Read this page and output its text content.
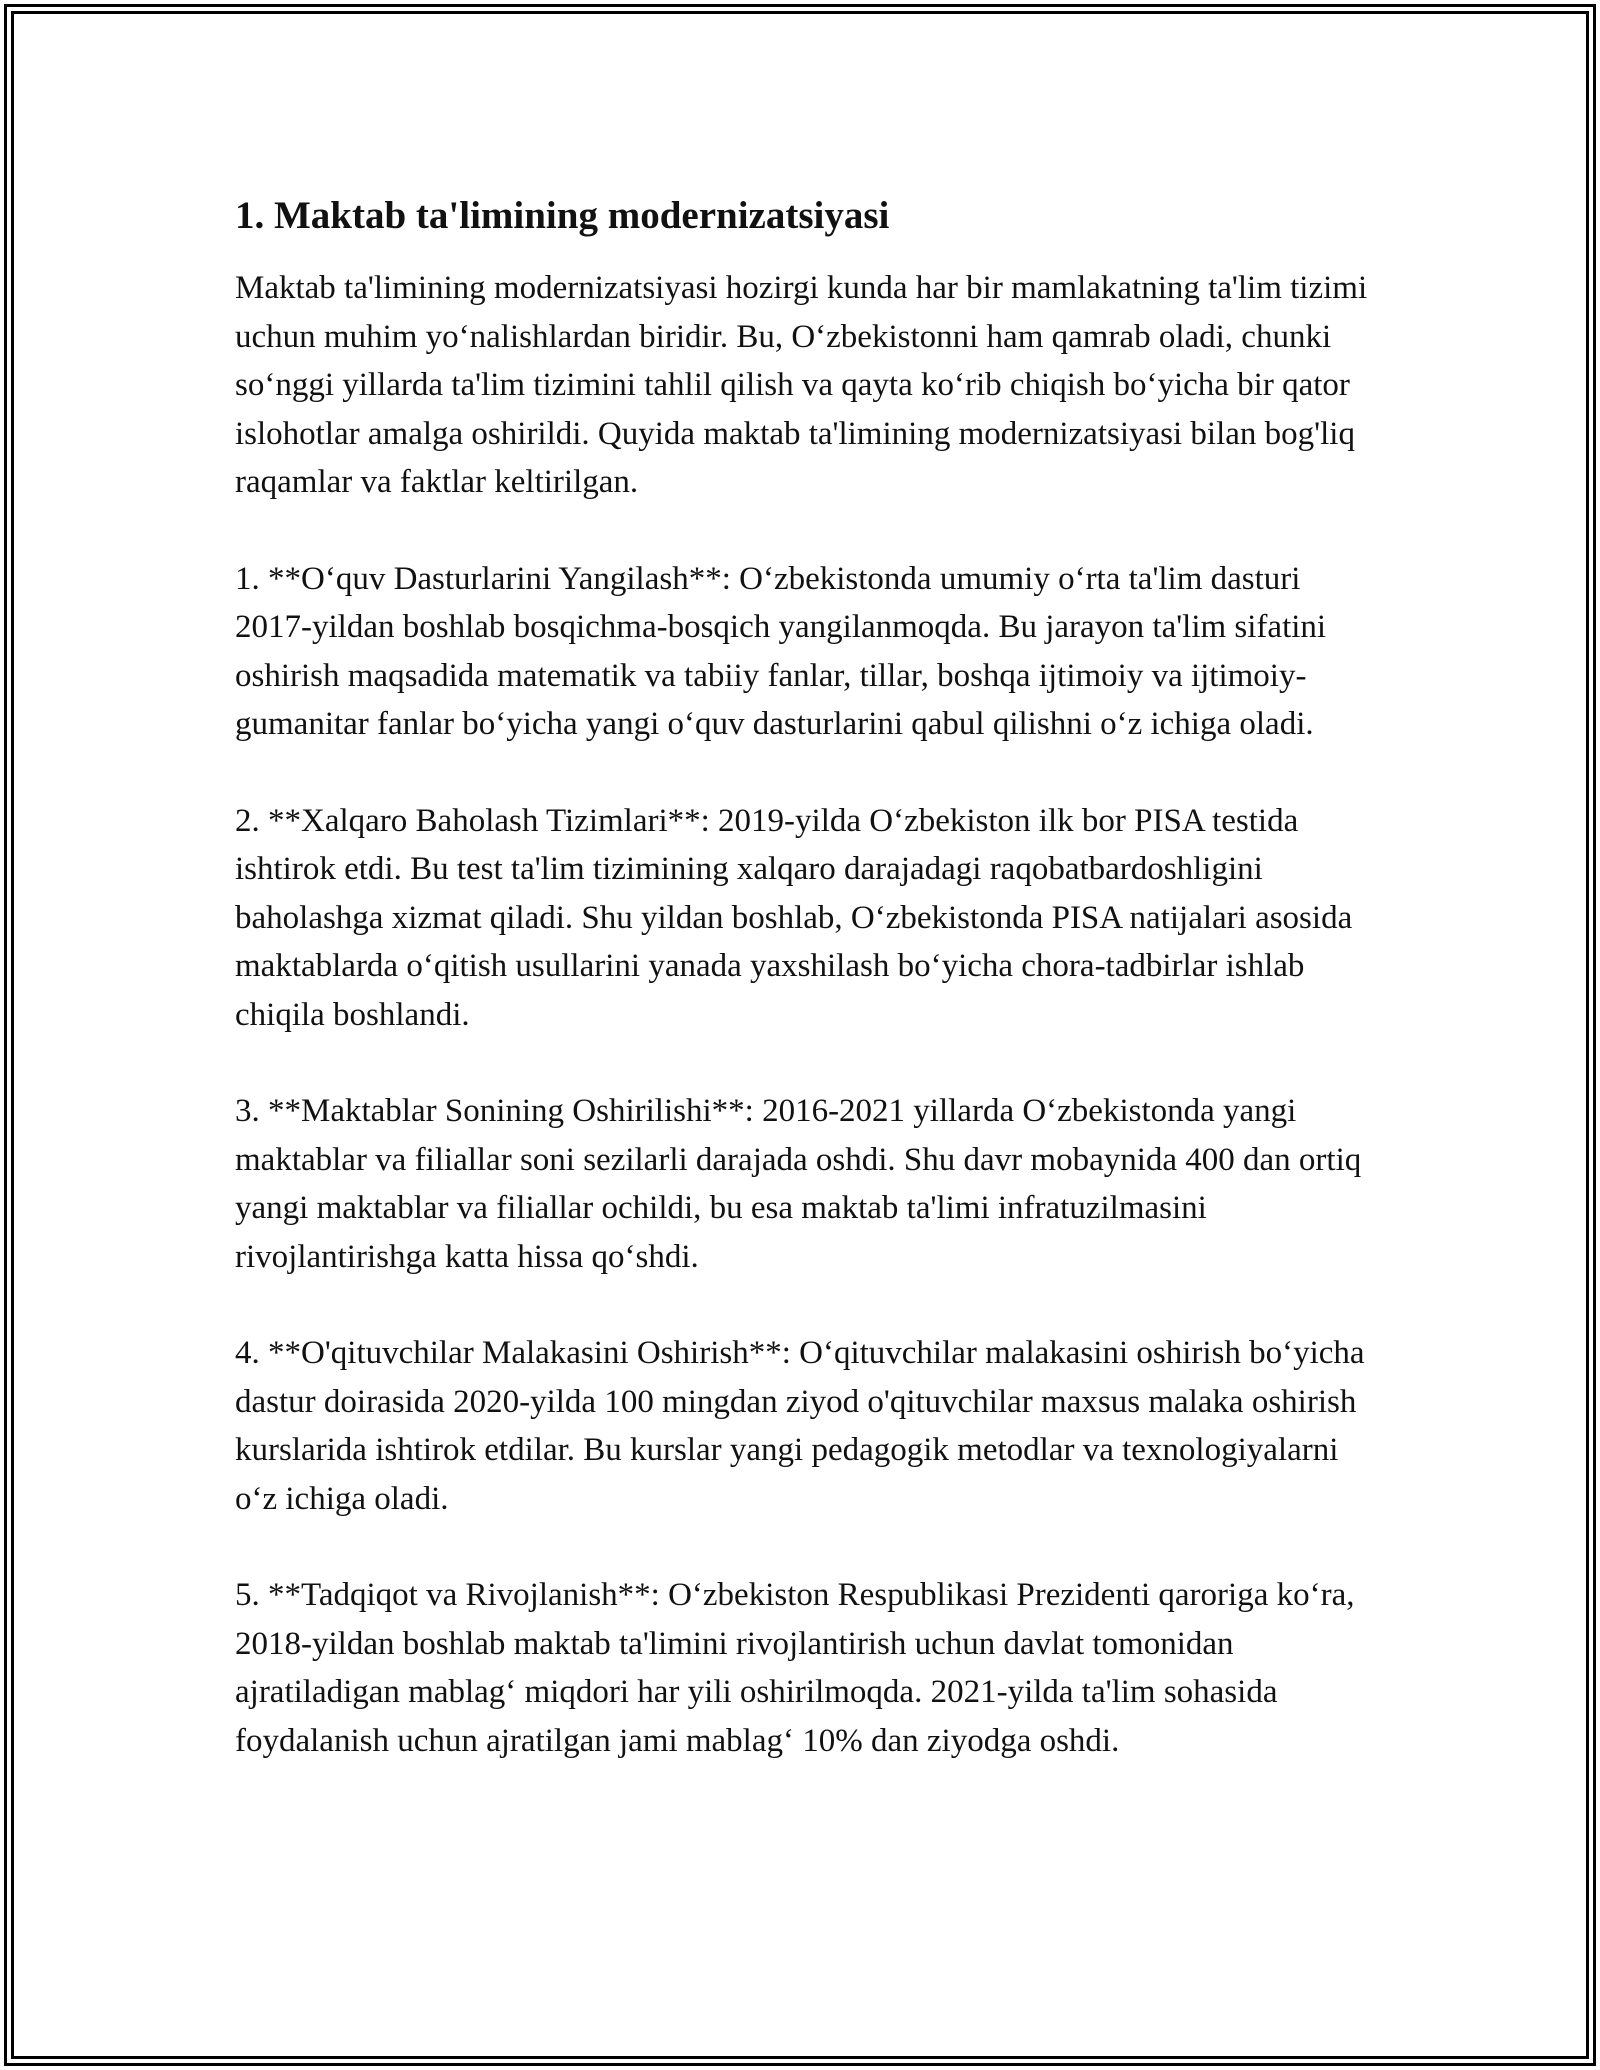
1. Maktab ta'limining modernizatsiyasi

Maktab ta'limining modernizatsiyasi hozirgi kunda har bir mamlakatning ta'lim tizimi uchun muhim yoʻnalishlardan biridir. Bu, Oʻzbekistonni ham qamrab oladi, chunki soʻnggi yillarda ta'lim tizimini tahlil qilish va qayta koʻrib chiqish boʻyicha bir qator islohotlar amalga oshirildi. Quyida maktab ta'limining modernizatsiyasi bilan bog'liq raqamlar va faktlar keltirilgan.

1. **Oʻquv Dasturlarini Yangilash**: Oʻzbekistonda umumiy oʻrta ta'lim dasturi 2017-yildan boshlab bosqichma-bosqich yangilanmoqda. Bu jarayon ta'lim sifatini oshirish maqsadida matematik va tabiiy fanlar, tillar, boshqa ijtimoiy va ijtimoiy-gumanitar fanlar boʻyicha yangi oʻquv dasturlarini qabul qilishni oʻz ichiga oladi.

2. **Xalqaro Baholash Tizimlari**: 2019-yilda Oʻzbekiston ilk bor PISA testida ishtirok etdi. Bu test ta'lim tizimining xalqaro darajadagi raqobatbardoshligini baholashga xizmat qiladi. Shu yildan boshlab, Oʻzbekistonda PISA natijalari asosida maktablarda oʻqitish usullarini yanada yaxshilash boʻyicha chora-tadbirlar ishlab chiqila boshlandi.

3. **Maktablar Sonining Oshirilishi**: 2016-2021 yillarda Oʻzbekistonda yangi maktablar va filiallar soni sezilarli darajada oshdi. Shu davr mobaynida 400 dan ortiq yangi maktablar va filiallar ochildi, bu esa maktab ta'limi infratuzilmasini rivojlantirishga katta hissa qoʻshdi.

4. **O'qituvchilar Malakasini Oshirish**: Oʻqituvchilar malakasini oshirish boʻyicha dastur doirasida 2020-yilda 100 mingdan ziyod o'qituvchilar maxsus malaka oshirish kurslarida ishtirok etdilar. Bu kurslar yangi pedagogik metodlar va texnologiyalarni oʻz ichiga oladi.

5. **Tadqiqot va Rivojlanish**: Oʻzbekiston Respublikasi Prezidenti qaroriga koʻra, 2018-yildan boshlab maktab ta'limini rivojlantirish uchun davlat tomonidan ajratiladigan mablagʻ miqdori har yili oshirilmoqda. 2021-yilda ta'lim sohasida foydalanish uchun ajratilgan jami mablagʻ 10% dan ziyodga oshdi.
